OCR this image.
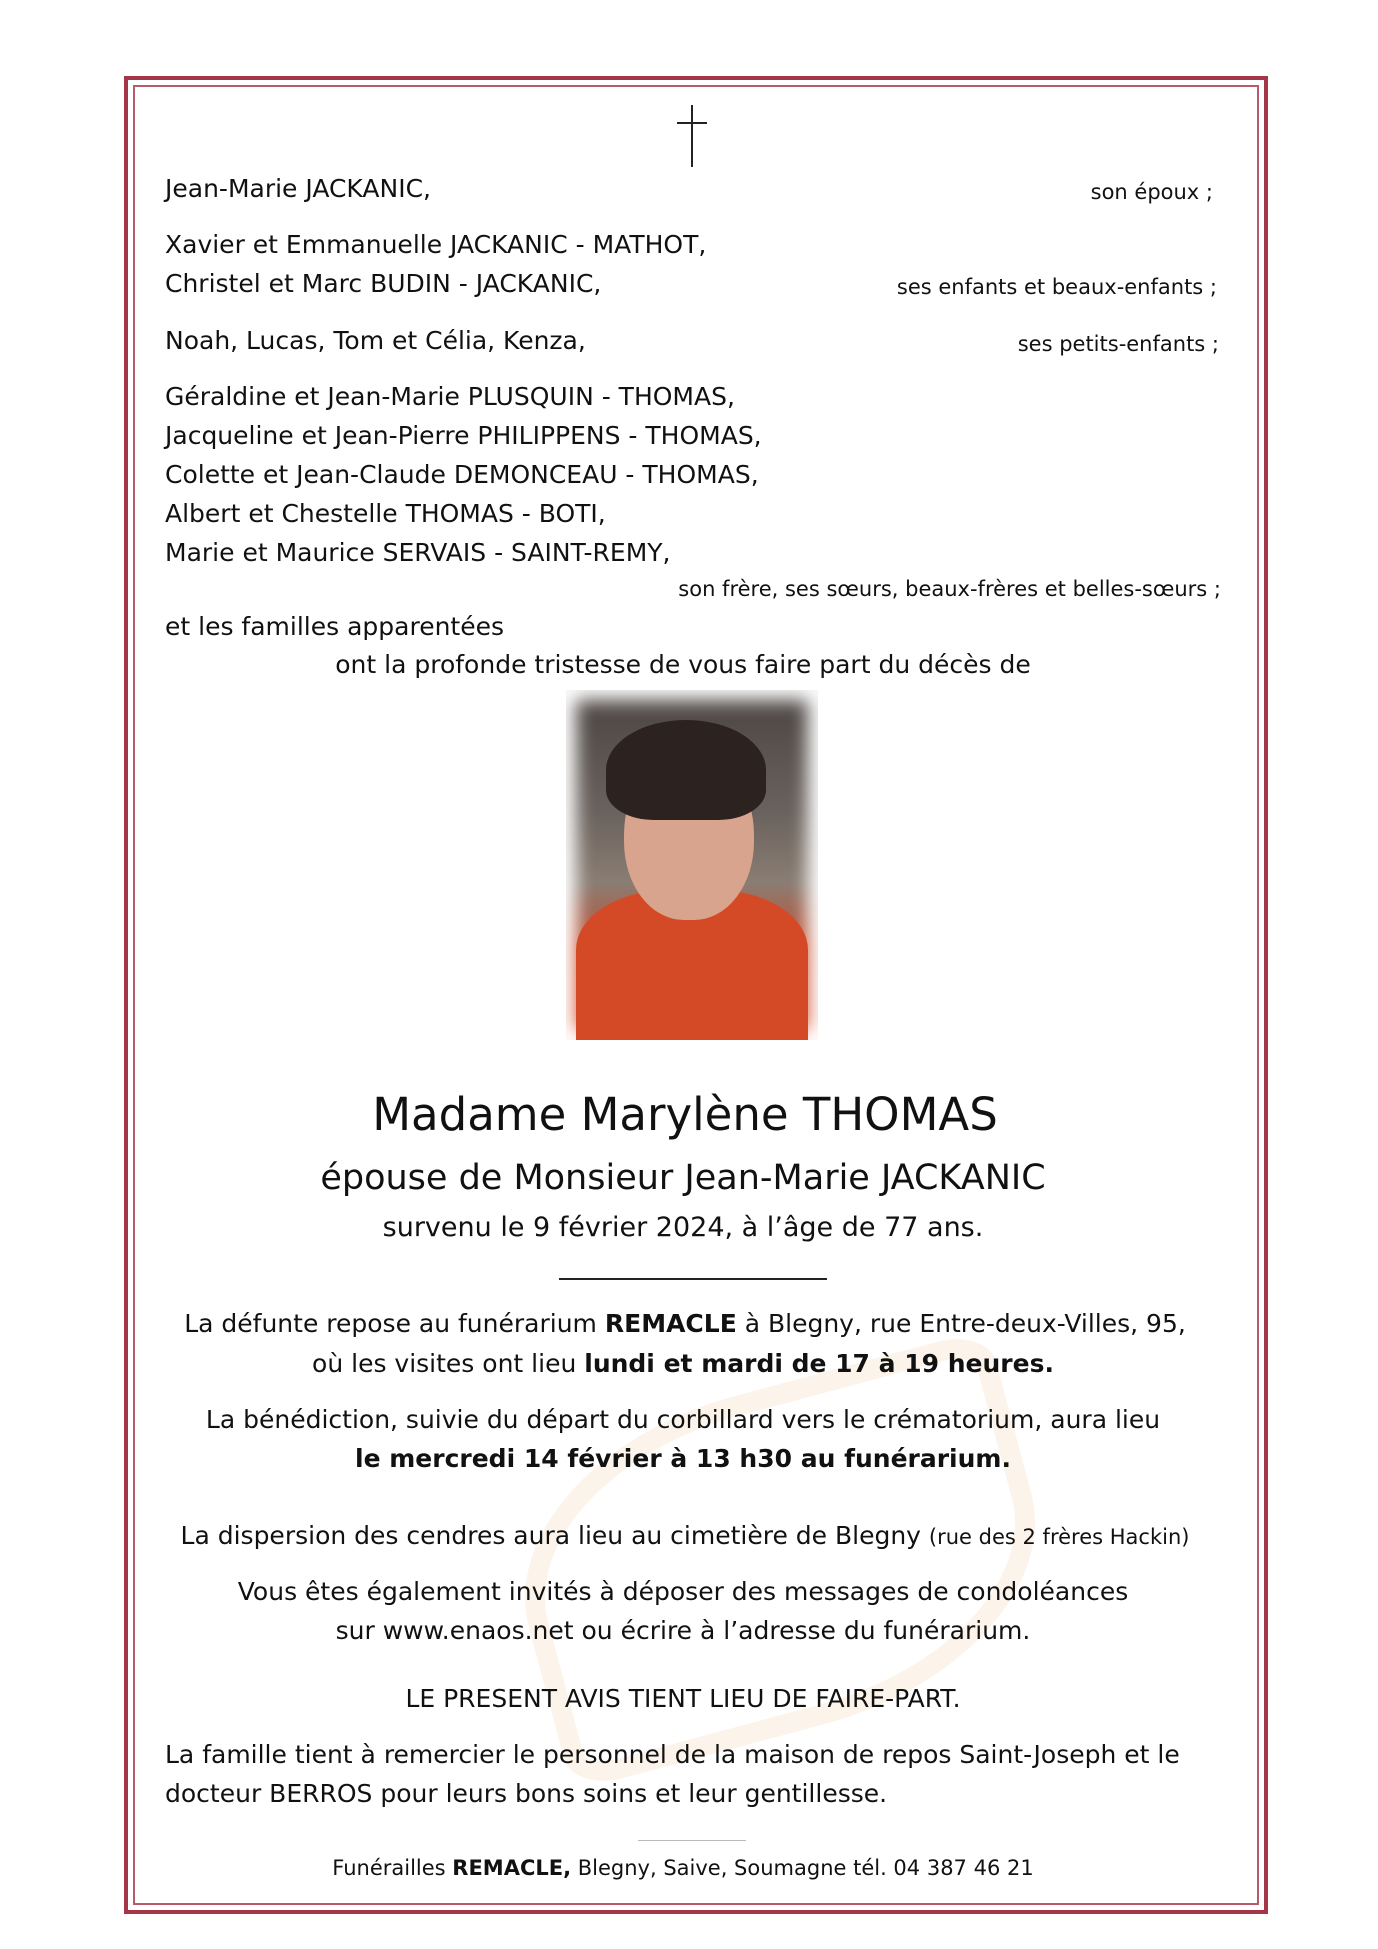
Jean-Marie JACKANIC,	son époux ;
Xavier et Emmanuelle JACKANIC - MATHOT,
Christel et Marc BUDIN - JACKANIC,	ses enfants et beaux-enfants ;
Noah, Lucas, Tom et Célia, Kenza,	ses petits-enfants ;
Géraldine et Jean-Marie PLUSQUIN - THOMAS,
Jacqueline et Jean-Pierre PHILIPPENS - THOMAS,
Colette et Jean-Claude DEMONCEAU - THOMAS,
Albert et Chestelle THOMAS - BOTI,
Marie et Maurice SERVAIS - SAINT-REMY,
son frère, ses sœurs, beaux-frères et belles-sœurs ;
et les familles apparentées
ont la profonde tristesse de vous faire part du décès de
Madame Marylène THOMAS
épouse de Monsieur Jean-Marie JACKANIC
survenu le 9 février 2024, à l’âge de 77 ans.
La défunte repose au funérarium REMACLE à Blegny, rue Entre-deux-Villes, 95,
où les visites ont lieu lundi et mardi de 17 à 19 heures.
La bénédiction, suivie du départ du corbillard vers le crématorium, aura lieu
le mercredi 14 février à 13 h30 au funérarium.
La dispersion des cendres aura lieu au cimetière de Blegny (rue des 2 frères Hackin)
Vous êtes également invités à déposer des messages de condoléances
sur www.enaos.net ou écrire à l’adresse du funérarium.
LE PRESENT AVIS TIENT LIEU DE FAIRE-PART.
La famille tient à remercier le personnel de la maison de repos Saint-Joseph et le
docteur BERROS pour leurs bons soins et leur gentillesse.
Funérailles REMACLE, Blegny, Saive, Soumagne tél. 04 387 46 21
